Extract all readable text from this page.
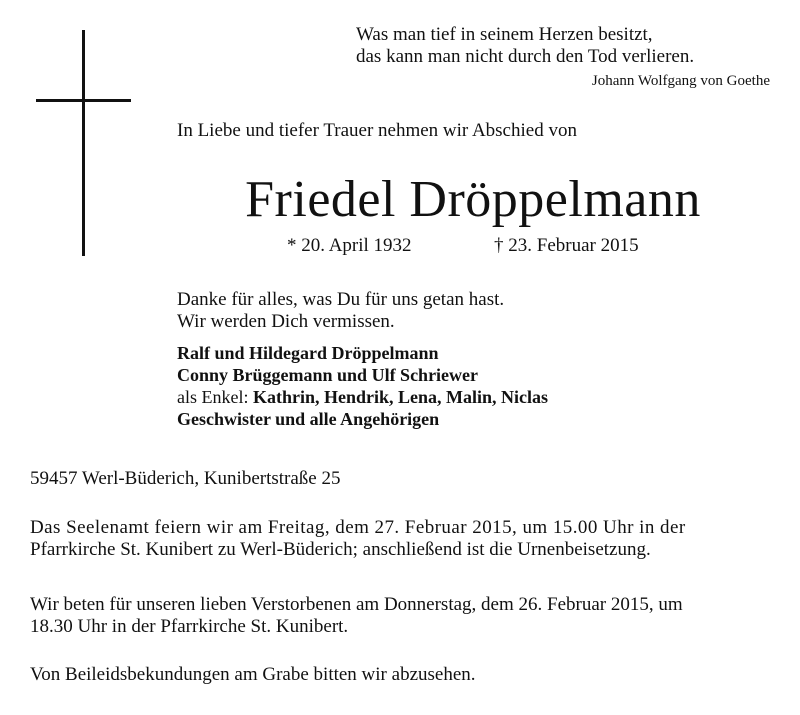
Was man tief in seinem Herzen besitzt,
das kann man nicht durch den Tod verlieren.
Johann Wolfgang von Goethe
In Liebe und tiefer Trauer nehmen wir Abschied von
Friedel Dröppelmann
* 20. April 1932	† 23. Februar 2015
Danke für alles, was Du für uns getan hast.
Wir werden Dich vermissen.
Ralf und Hildegard Dröppelmann
Conny Brüggemann und Ulf Schriewer
als Enkel: Kathrin, Hendrik, Lena, Malin, Niclas
Geschwister und alle Angehörigen
59457 Werl-Büderich, Kunibertstraße 25
Das Seelenamt feiern wir am Freitag, dem 27. Februar 2015, um 15.00 Uhr in der
Pfarrkirche St. Kunibert zu Werl-Büderich; anschließend ist die Urnenbeisetzung.
Wir beten für unseren lieben Verstorbenen am Donnerstag, dem 26. Februar 2015, um
18.30 Uhr in der Pfarrkirche St. Kunibert.
Von Beileidsbekundungen am Grabe bitten wir abzusehen.
